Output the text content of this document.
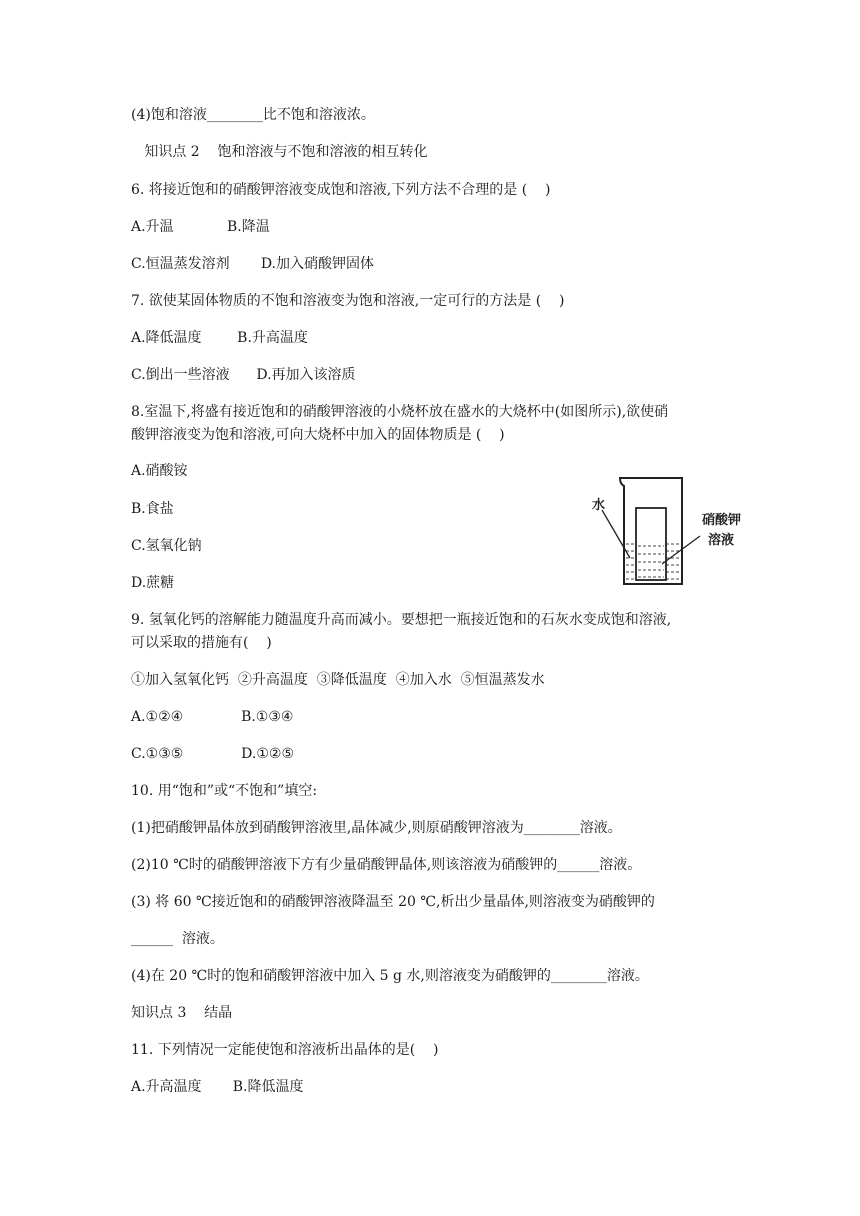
(4)饱和溶液________比不饱和溶液浓。
知识点 2    饱和溶液与不饱和溶液的相互转化
6. 将接近饱和的硝酸钾溶液变成饱和溶液,下列方法不合理的是 (    )
A.升温            B.降温
C.恒温蒸发溶剂       D.加入硝酸钾固体
7. 欲使某固体物质的不饱和溶液变为饱和溶液,一定可行的方法是 (    )
A.降低温度        B.升高温度
C.倒出一些溶液      D.再加入该溶质
8.室温下,将盛有接近饱和的硝酸钾溶液的小烧杯放在盛水的大烧杯中(如图所示),欲使硝
酸钾溶液变为饱和溶液,可向大烧杯中加入的固体物质是 (    )
A.硝酸铵
B.食盐
C.氢氧化钠
D.蔗糖
9. 氢氧化钙的溶解能力随温度升高而减小。要想把一瓶接近饱和的石灰水变成饱和溶液,
可以采取的措施有(    )
①加入氢氧化钙  ②升高温度  ③降低温度  ④加入水  ⑤恒温蒸发水
A.①②④             B.①③④
C.①③⑤             D.①②⑤
10. 用“饱和”或“不饱和”填空:
(1)把硝酸钾晶体放到硝酸钾溶液里,晶体减少,则原硝酸钾溶液为________溶液。
(2)10 ℃时的硝酸钾溶液下方有少量硝酸钾晶体,则该溶液为硝酸钾的______溶液。
(3) 将 60 ℃接近饱和的硝酸钾溶液降温至 20 ℃,析出少量晶体,则溶液变为硝酸钾的
______  溶液。
(4)在 20 ℃时的饱和硝酸钾溶液中加入 5 g 水,则溶液变为硝酸钾的________溶液。
知识点 3    结晶
11. 下列情况一定能使饱和溶液析出晶体的是(    )
A.升高温度       B.降低温度
水
硝酸钾
溶液
